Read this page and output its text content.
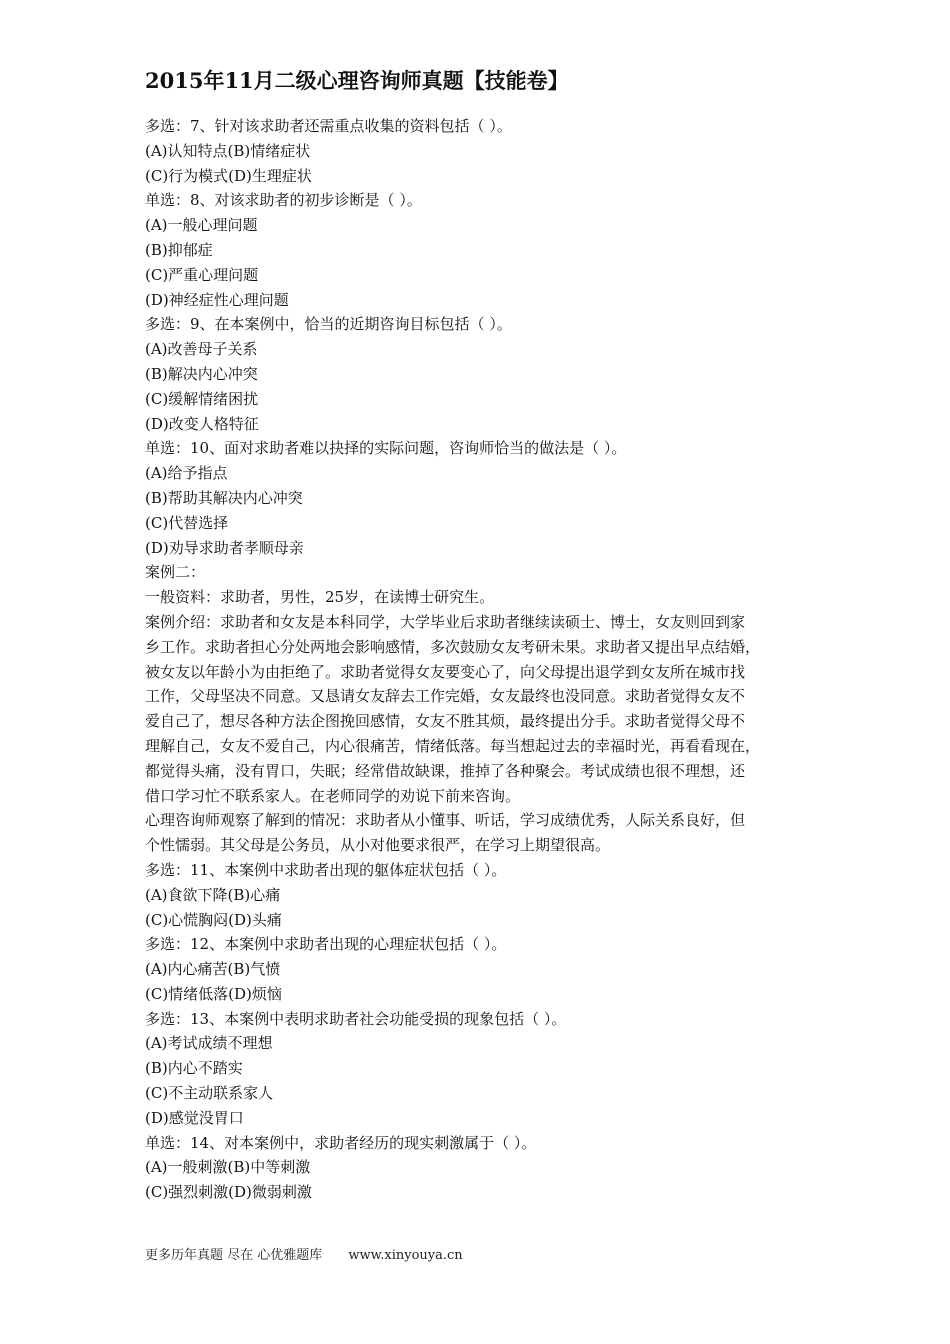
2015年11月二级心理咨询师真题【技能卷】
多选：7、针对该求助者还需重点收集的资料包括（ ）。
(A)认知特点(B)情绪症状
(C)行为模式(D)生理症状
单选：8、对该求助者的初步诊断是（ ）。
(A)一般心理问题
(B)抑郁症
(C)严重心理问题
(D)神经症性心理问题
多选：9、在本案例中，恰当的近期咨询目标包括（ ）。
(A)改善母子关系
(B)解决内心冲突
(C)缓解情绪困扰
(D)改变人格特征
单选：10、面对求助者难以抉择的实际问题，咨询师恰当的做法是（ ）。
(A)给予指点
(B)帮助其解决内心冲突
(C)代替选择
(D)劝导求助者孝顺母亲
案例二：
一般资料：求助者，男性，25岁，在读博士研究生。
案例介绍：求助者和女友是本科同学，大学毕业后求助者继续读硕士、博士，女友则回到家
乡工作。求助者担心分处两地会影响感情，多次鼓励女友考研未果。求助者又提出早点结婚，
被女友以年龄小为由拒绝了。求助者觉得女友要变心了，向父母提出退学到女友所在城市找
工作，父母坚决不同意。又恳请女友辞去工作完婚，女友最终也没同意。求助者觉得女友不
爱自己了，想尽各种方法企图挽回感情，女友不胜其烦，最终提出分手。求助者觉得父母不
理解自己，女友不爱自己，内心很痛苦，情绪低落。每当想起过去的幸福时光，再看看现在，
都觉得头痛，没有胃口，失眠；经常借故缺课，推掉了各种聚会。考试成绩也很不理想，还
借口学习忙不联系家人。在老师同学的劝说下前来咨询。
心理咨询师观察了解到的情况：求助者从小懂事、听话，学习成绩优秀，人际关系良好，但
个性懦弱。其父母是公务员，从小对他要求很严，在学习上期望很高。
多选：11、本案例中求助者出现的躯体症状包括（ ）。
(A)食欲下降(B)心痛
(C)心慌胸闷(D)头痛
多选：12、本案例中求助者出现的心理症状包括（ ）。
(A)内心痛苦(B)气愤
(C)情绪低落(D)烦恼
多选：13、本案例中表明求助者社会功能受损的现象包括（ ）。
(A)考试成绩不理想
(B)内心不踏实
(C)不主动联系家人
(D)感觉没胃口
单选：14、对本案例中，求助者经历的现实刺激属于（ ）。
(A)一般刺激(B)中等刺激
(C)强烈刺激(D)微弱刺激
更多历年真题 尽在 心优雅题库 www.xinyouya.cn
